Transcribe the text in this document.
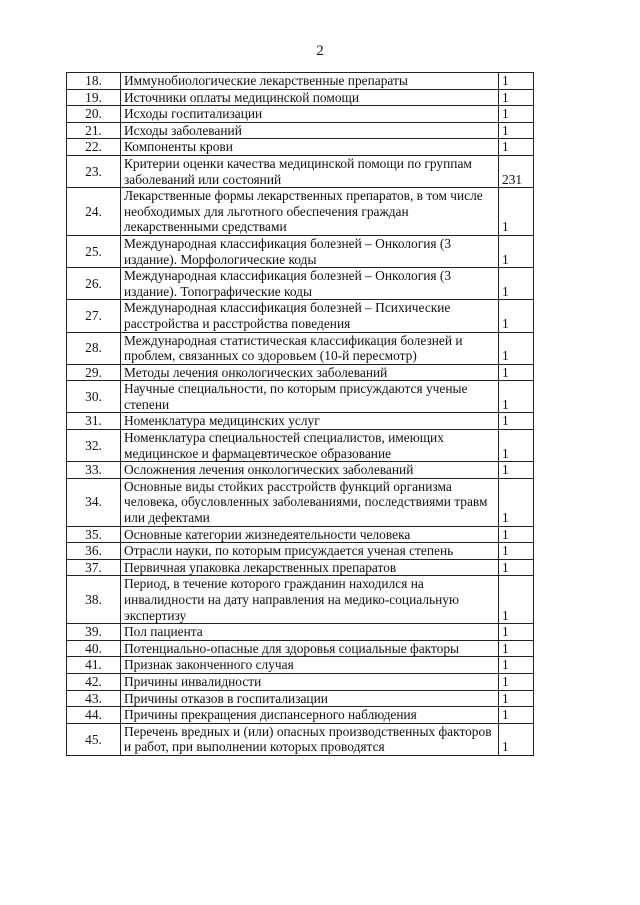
2
18.	Иммунобиологические лекарственные препараты	1
19.	Источники оплаты медицинской помощи	1
20.	Исходы госпитализации	1
21.	Исходы заболеваний	1
22.	Компоненты крови	1
23.	Критерии оценки качества медицинской помощи по группам заболеваний или состояний	231
24.	Лекарственные формы лекарственных препаратов, в том числе необходимых для льготного обеспечения граждан лекарственными средствами	1
25.	Международная классификация болезней – Онкология (3 издание). Морфологические коды	1
26.	Международная классификация болезней – Онкология (3 издание). Топографические коды	1
27.	Международная классификация болезней – Психические расстройства и расстройства поведения	1
28.	Международная статистическая классификация болезней и проблем, связанных со здоровьем (10-й пересмотр)	1
29.	Методы лечения онкологических заболеваний	1
30.	Научные специальности, по которым присуждаются ученые степени	1
31.	Номенклатура медицинских услуг	1
32.	Номенклатура специальностей специалистов, имеющих медицинское и фармацевтическое образование	1
33.	Осложнения лечения онкологических заболеваний	1
34.	Основные виды стойких расстройств функций организма человека, обусловленных заболеваниями, последствиями травм или дефектами	1
35.	Основные категории жизнедеятельности человека	1
36.	Отрасли науки, по которым присуждается ученая степень	1
37.	Первичная упаковка лекарственных препаратов	1
38.	Период, в течение которого гражданин находился на инвалидности на дату направления на медико-социальную экспертизу	1
39.	Пол пациента	1
40.	Потенциально-опасные для здоровья социальные факторы	1
41.	Признак законченного случая	1
42.	Причины инвалидности	1
43.	Причины отказов в госпитализации	1
44.	Причины прекращения диспансерного наблюдения	1
45.	Перечень вредных и (или) опасных производственных факторов и работ, при выполнении которых проводятся	1
